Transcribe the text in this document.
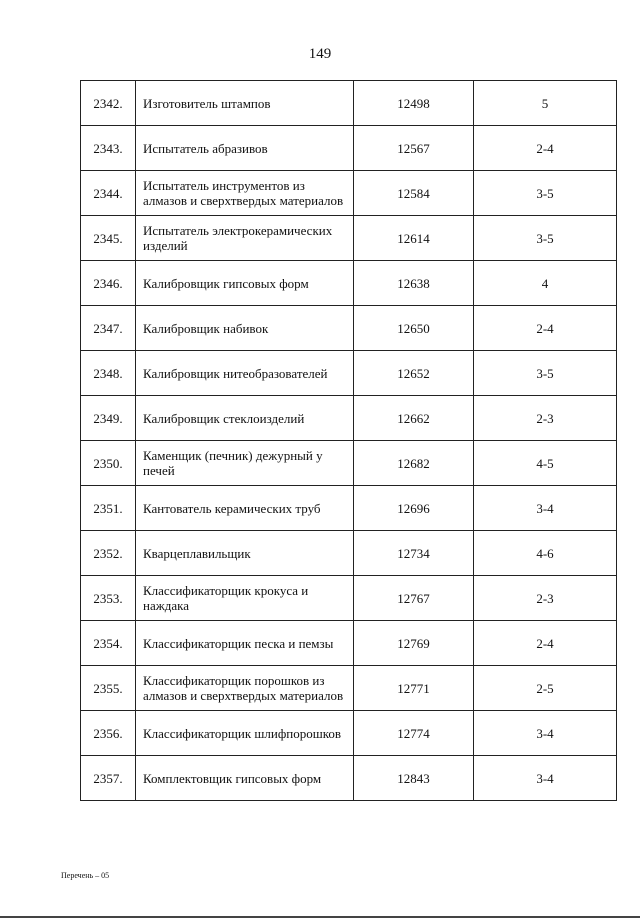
149
2342.	Изготовитель штампов	12498	5
2343.	Испытатель абразивов	12567	2-4
2344.	Испытатель инструментов из алмазов и сверхтвердых материалов	12584	3-5
2345.	Испытатель электрокерамических изделий	12614	3-5
2346.	Калибровщик гипсовых форм	12638	4
2347.	Калибровщик набивок	12650	2-4
2348.	Калибровщик нитеобразователей	12652	3-5
2349.	Калибровщик стеклоизделий	12662	2-3
2350.	Каменщик (печник) дежурный у печей	12682	4-5
2351.	Кантователь керамических труб	12696	3-4
2352.	Кварцеплавильщик	12734	4-6
2353.	Классификаторщик крокуса и наждака	12767	2-3
2354.	Классификаторщик песка и пемзы	12769	2-4
2355.	Классификаторщик порошков из алмазов и сверхтвердых материалов	12771	2-5
2356.	Классификаторщик шлифпорошков	12774	3-4
2357.	Комплектовщик гипсовых форм	12843	3-4
Перечень – 05
